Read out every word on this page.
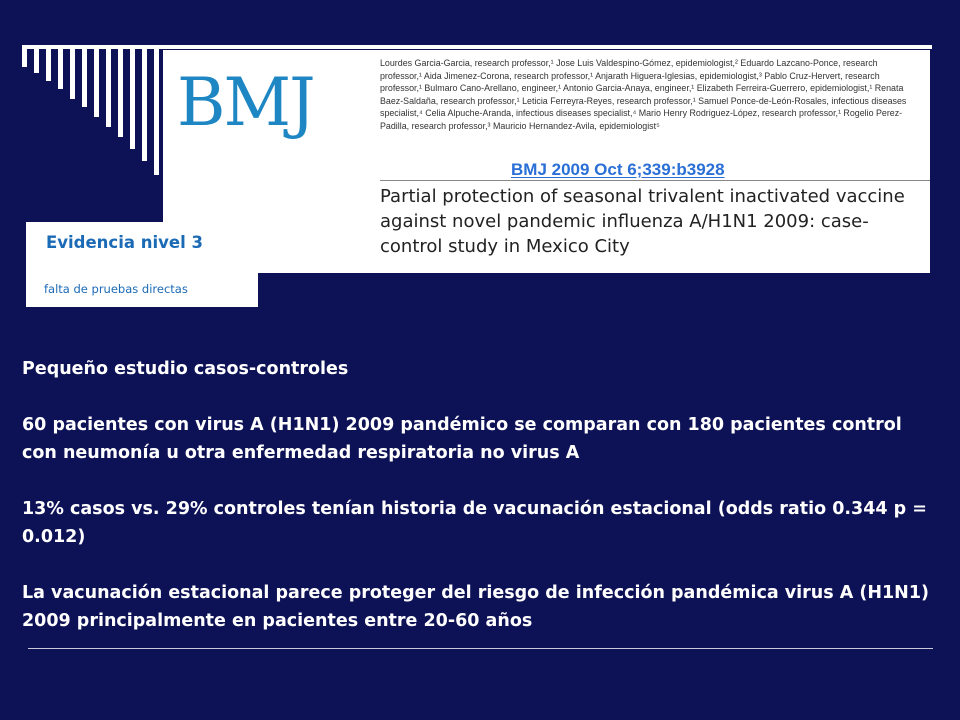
BMJ
Lourdes Garcia-Garcia, research professor,¹ Jose Luis Valdespino-Gómez, epidemiologist,² Eduardo Lazcano-Ponce, research professor,¹ Aida Jimenez-Corona, research professor,¹ Anjarath Higuera-Iglesias, epidemiologist,³ Pablo Cruz-Hervert, research professor,¹ Bulmaro Cano-Arellano, engineer,¹ Antonio Garcia-Anaya, engineer,¹ Elizabeth Ferreira-Guerrero, epidemiologist,¹ Renata Baez-Saldaña, research professor,¹ Leticia Ferreyra-Reyes, research professor,¹ Samuel Ponce-de-León-Rosales, infectious diseases specialist,⁴ Celia Alpuche-Aranda, infectious diseases specialist,⁴ Mario Henry Rodriguez-López, research professor,¹ Rogelio Perez-Padilla, research professor,³ Mauricio Hernandez-Avila, epidemiologist⁵
BMJ 2009 Oct 6;339:b3928
Partial protection of seasonal trivalent inactivated vaccine against novel pandemic influenza A/H1N1 2009: case-control study in Mexico City
Evidencia nivel 3
falta de pruebas directas

Pequeño estudio casos-controles

60 pacientes con virus A (H1N1) 2009 pandémico se comparan con 180 pacientes control con neumonía u otra enfermedad respiratoria no virus A

13% casos vs. 29% controles tenían historia de vacunación estacional (odds ratio 0.344 p = 0.012)

La vacunación estacional parece proteger del riesgo de infección pandémica virus A (H1N1) 2009 principalmente en pacientes entre 20-60 años
